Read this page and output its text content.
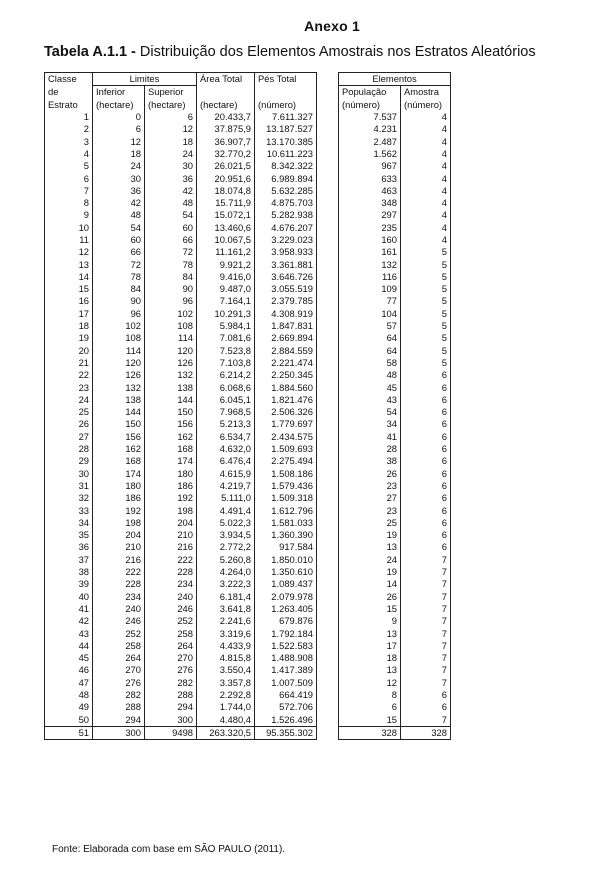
Anexo 1
Tabela A.1.1 - Distribuição dos Elementos Amostrais nos Estratos Aleatórios
Classe	Limites		Área Total	Pés Total		Elementos	
de	Inferior	Superior				População	Amostra
Estrato	(hectare)	(hectare)	(hectare)	(número)		(número)	(número)
1	0	6	20.433,7	7.611.327		7.537	4
2	6	12	37.875,9	13.187.527		4.231	4
3	12	18	36.907,7	13.170.385		2.487	4
4	18	24	32.770,2	10.611.223		1.562	4
5	24	30	26.021,5	8.342.322		967	4
6	30	36	20.951,6	6.989.894		633	4
7	36	42	18.074,8	5.632.285		463	4
8	42	48	15.711,9	4.875.703		348	4
9	48	54	15.072,1	5.282.938		297	4
10	54	60	13.460,6	4.676.207		235	4
11	60	66	10.067,5	3.229.023		160	4
12	66	72	11.161,2	3.958.933		161	5
13	72	78	9.921,2	3.361.881		132	5
14	78	84	9.416,0	3.646.726		116	5
15	84	90	9.487,0	3.055.519		109	5
16	90	96	7.164,1	2.379.785		77	5
17	96	102	10.291,3	4.308.919		104	5
18	102	108	5.984,1	1.847.831		57	5
19	108	114	7.081,6	2.669.894		64	5
20	114	120	7.523,8	2.884.559		64	5
21	120	126	7.103,8	2.221.474		58	5
22	126	132	6.214,2	2.250.345		48	6
23	132	138	6.068,6	1.884.560		45	6
24	138	144	6.045,1	1.821.476		43	6
25	144	150	7.968,5	2.506.326		54	6
26	150	156	5.213,3	1.779.697		34	6
27	156	162	6.534,7	2.434.575		41	6
28	162	168	4.632,0	1.509.693		28	6
29	168	174	6.476,4	2.275.494		38	6
30	174	180	4.615,9	1.508.186		26	6
31	180	186	4.219,7	1.579.436		23	6
32	186	192	5.111,0	1.509.318		27	6
33	192	198	4.491,4	1.612.796		23	6
34	198	204	5.022,3	1.581.033		25	6
35	204	210	3.934,5	1.360.390		19	6
36	210	216	2.772,2	917.584		13	6
37	216	222	5.260,8	1.850.010		24	7
38	222	228	4.264,0	1.350.610		19	7
39	228	234	3.222,3	1.089.437		14	7
40	234	240	6.181,4	2.079.978		26	7
41	240	246	3.641,8	1.263.405		15	7
42	246	252	2.241,6	679.876		9	7
43	252	258	3.319,6	1.792.184		13	7
44	258	264	4.433,9	1.522.583		17	7
45	264	270	4.815,8	1.488.908		18	7
46	270	276	3.550,4	1.417.389		13	7
47	276	282	3.357,8	1.007.509		12	7
48	282	288	2.292,8	664.419		8	6
49	288	294	1.744,0	572.706		6	6
50	294	300	4.480,4	1.526.496		15	7
51	300	9498	263.320,5	95.355.302		328	328
Fonte: Elaborada com base em SÃO PAULO (2011).
